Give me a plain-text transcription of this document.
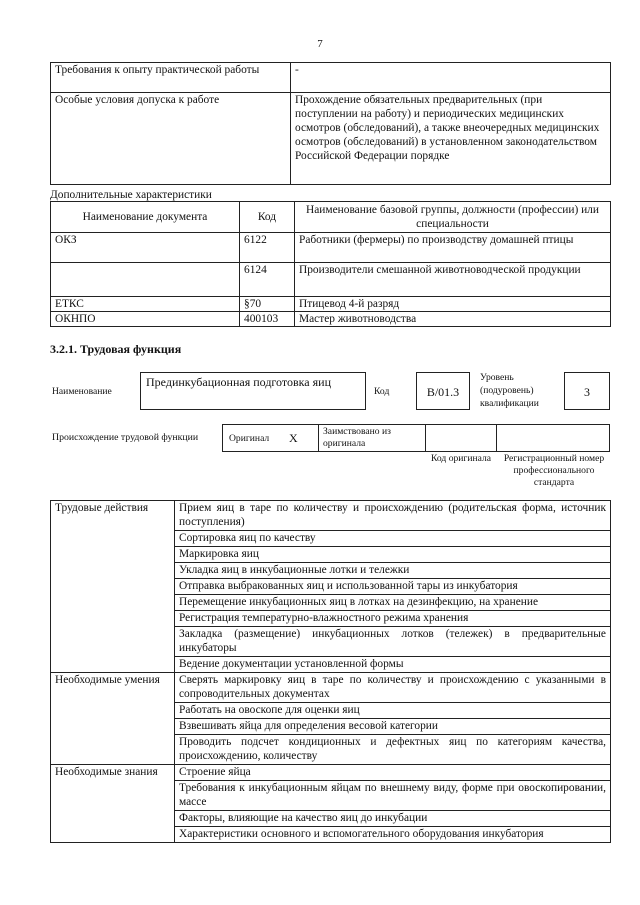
7
Требования к опыту практической работы	-
Особые условия допуска к работе	Прохождение обязательных предварительных (при поступлении на работу) и периодических медицинских осмотров (обследований), а также внеочередных медицинских осмотров (обследований) в установленном законодательством Российской Федерации порядке
Дополнительные характеристики
Наименование документа	Код	Наименование базовой группы, должности (профессии) или специальности
ОКЗ	6122	Работники (фермеры) по производству домашней птицы
	6124	Производители смешанной животноводческой продукции
ЕТКС	§70	Птицевод 4-й разряд
ОКНПО	400103	Мастер животноводства
3.2.1. Трудовая функция
Наименование
Прединкубационная подготовка яиц
Код	В/01.3
Уровень (подуровень) квалификации
3
Происхождение трудовой функции	Оригинал X	Заимствовано из оригинала
Код оригинала	Регистрационный номер профессионального стандарта
Трудовые действия	Прием яиц в таре по количеству и происхождению (родительская форма, источник поступления)
	Сортировка яиц по качеству
	Маркировка яиц
	Укладка яиц в инкубационные лотки и тележки
	Отправка выбракованных яиц и использованной тары из инкубатория
	Перемещение инкубационных яиц в лотках на дезинфекцию, на хранение
	Регистрация температурно-влажностного режима хранения
	Закладка (размещение) инкубационных лотков (тележек) в предварительные инкубаторы
	Ведение документации установленной формы
Необходимые умения	Сверять маркировку яиц в таре по количеству и происхождению с указанными в сопроводительных документах
	Работать на овоскопе для оценки яиц
	Взвешивать яйца для определения весовой категории
	Проводить подсчет кондиционных и дефектных яиц по категориям качества, происхождению, количеству
Необходимые знания	Строение яйца
	Требования к инкубационным яйцам по внешнему виду, форме при овоскопировании, массе
	Факторы, влияющие на качество яиц до инкубации
	Характеристики основного и вспомогательного оборудования инкубатория
